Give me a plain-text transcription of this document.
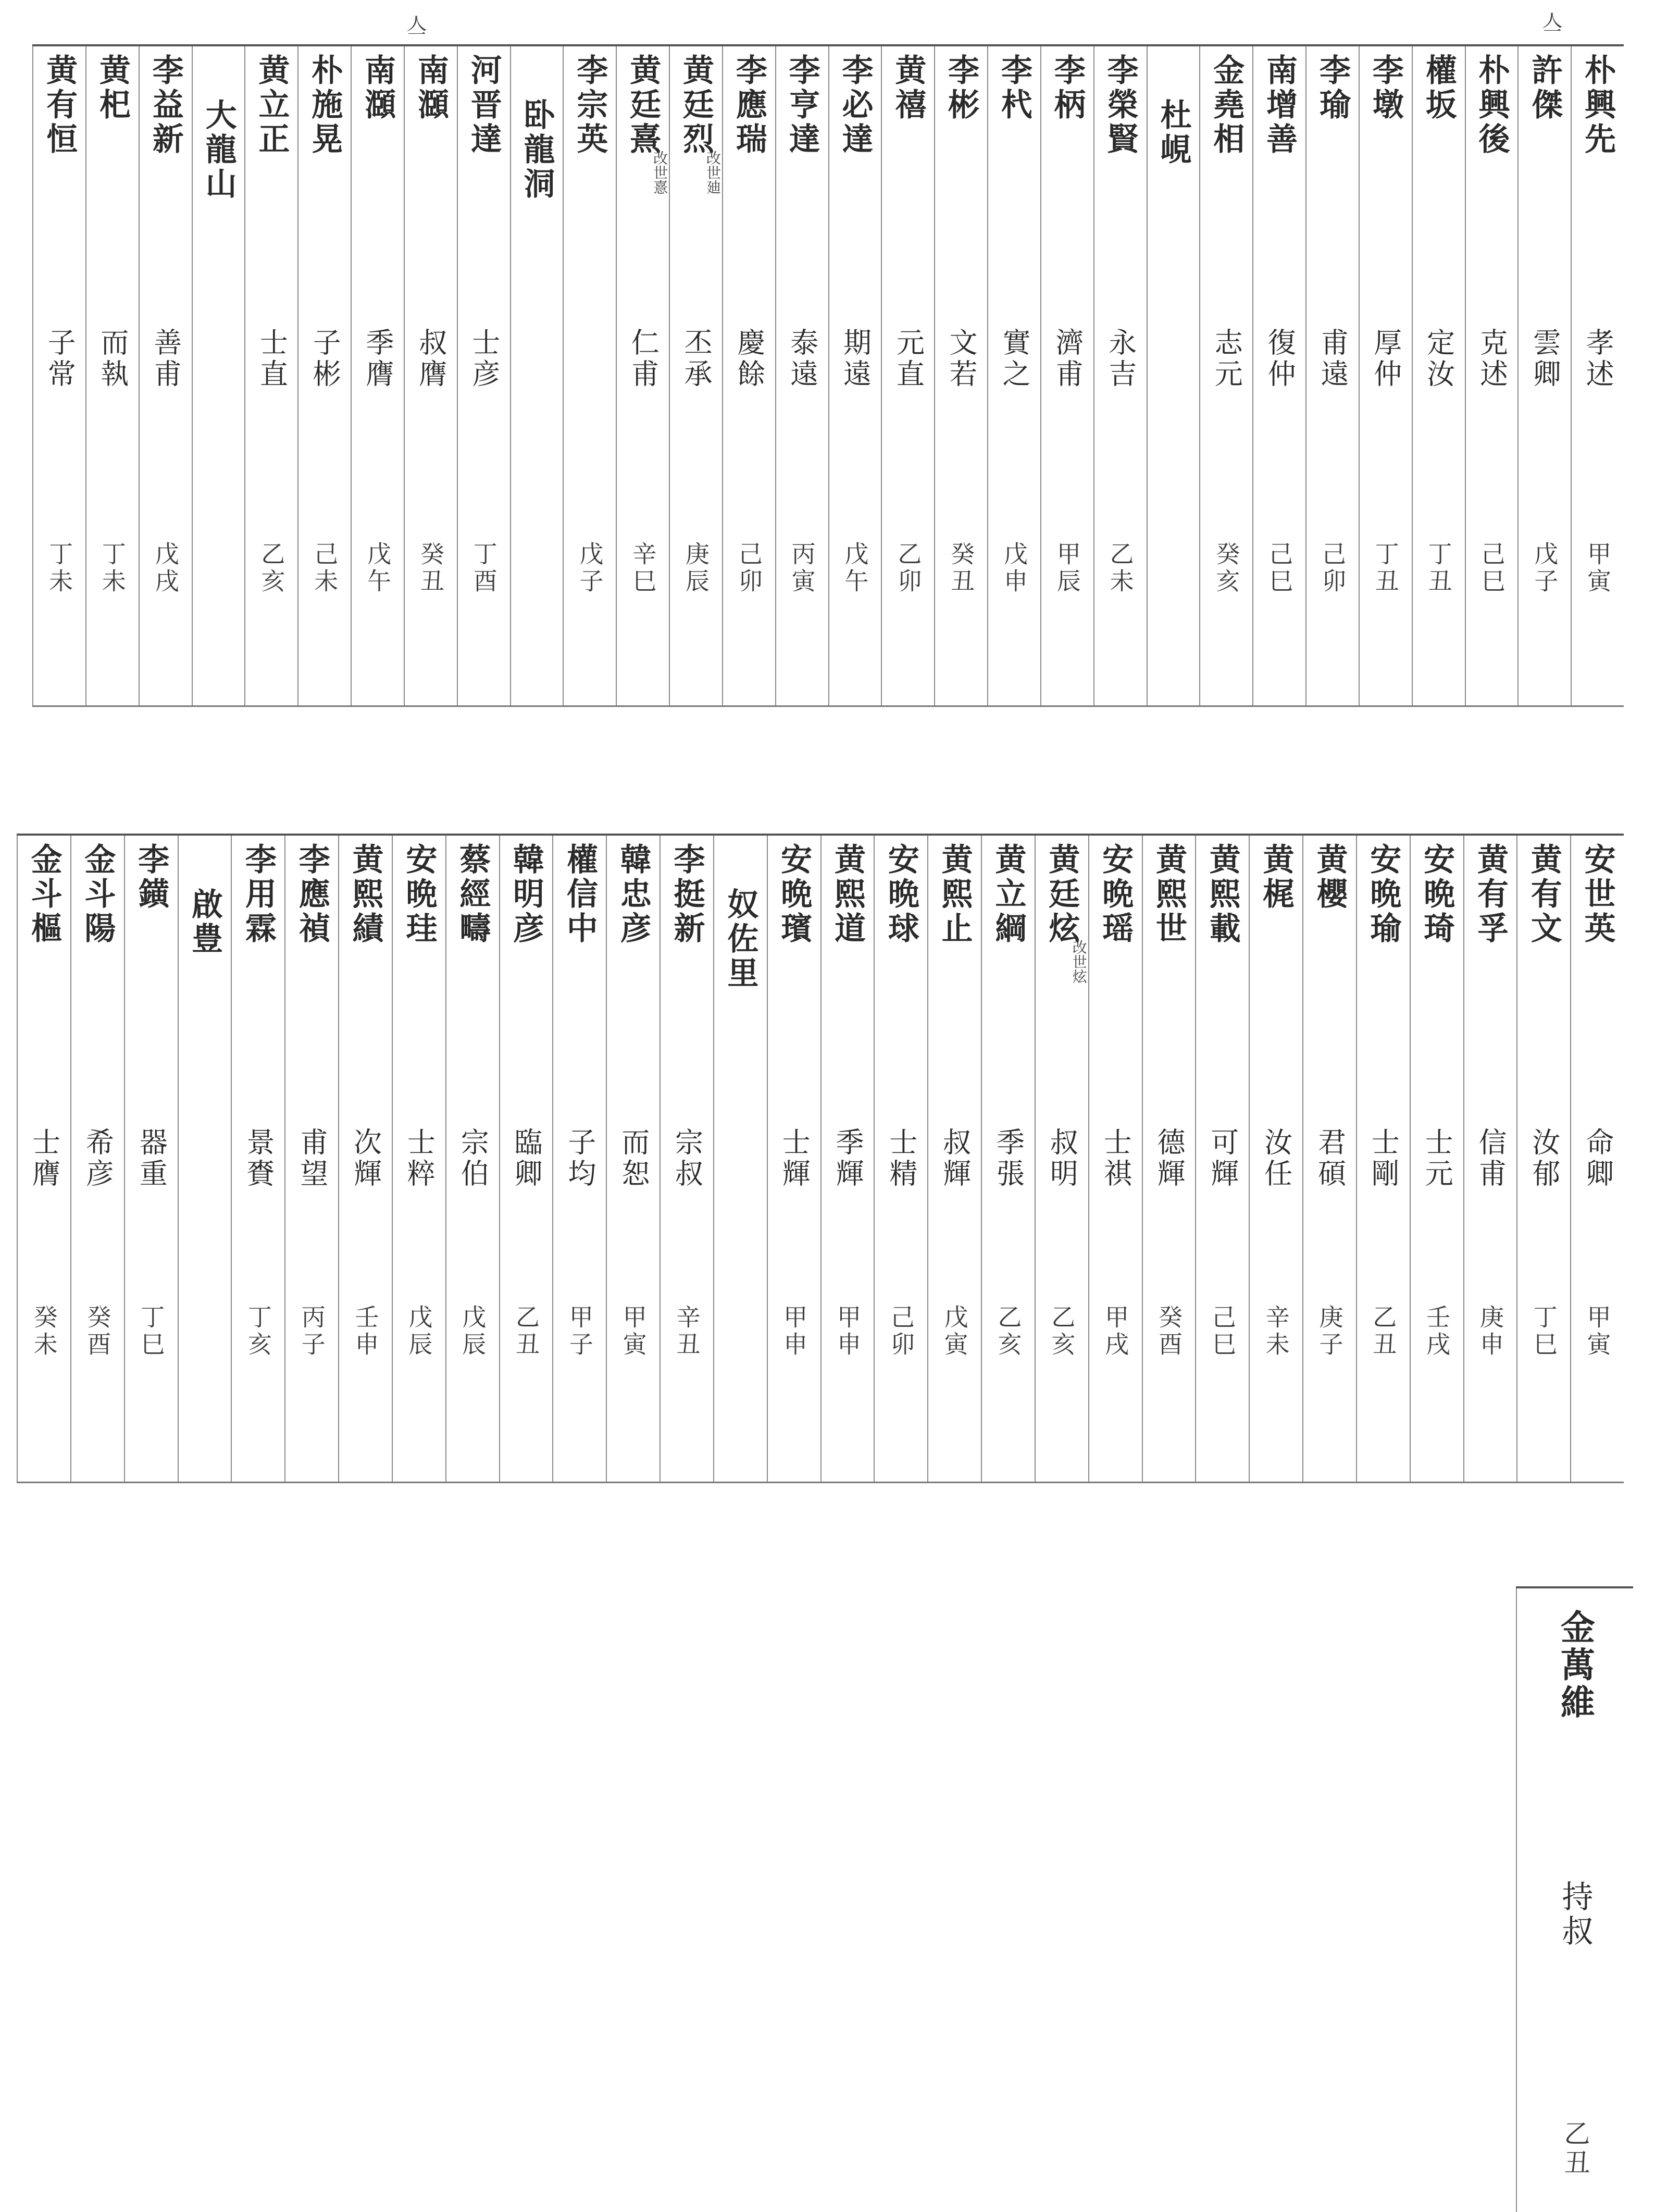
亼	亼
朴興先
孝述
甲寅
許傑
雲卿
戊子
朴興後
克述
己巳
權坂
定汝
丁丑
李墩
厚仲
丁丑
李瑜
甫遠
己卯
南增善
復仲
己巳
金堯相
志元
癸亥
杜峴
李榮賢
永吉
乙未
李柄
濟甫
甲辰
李杙
實之
戊申
李彬
文若
癸丑
黄禧
元直
乙卯
李必達
期遠
戊午
李亨達
泰遠
丙寅
李應瑞
慶餘
己卯
黄廷烈
改世廸
丕承
庚辰
黄廷熹
改世憙
仁甫
辛巳
李宗英
戊子
卧龍洞
河晋達
士彦
丁酉
南㶊
叔膺
癸丑
南㶊
季膺
戊午
朴施晃
子彬
己未
黄立正
士直
乙亥
大龍山
李益新
善甫
戊戌
黄𣏌
而執
丁未
黄有恒
子常
丁未
安世英
命卿
甲寅
黄有文
汝郁
丁巳
黄有孚
信甫
庚申
安晩琦
士元
壬戌
安晩瑜
士剛
乙丑
黄櫻
君碩
庚子
黄梶
汝任
辛未
黄熙載
可輝
己巳
黄熙世
德輝
癸酉
安晩瑶
士祺
甲戌
黄廷炫
改世炫
叔明
乙亥
黄立綱
季張
乙亥
黄熙止
叔輝
戊寅
安晩球
士精
己卯
黄熙道
季輝
甲申
安晩璸
士輝
甲申
奴佐里
李挺新
宗叔
辛丑
韓忠彦
而恕
甲寅
權信中
子均
甲子
韓明彦
臨卿
乙丑
蔡經疇
宗伯
戊辰
安晩珪
士粹
戊辰
黄熙績
次輝
壬申
李應禎
甫望
丙子
李用霖
景賚
丁亥
啟豊
李鐄
器重
丁巳
金斗陽
希彦
癸酉
金斗樞
士膺
癸未
金萬維
持叔
乙丑
